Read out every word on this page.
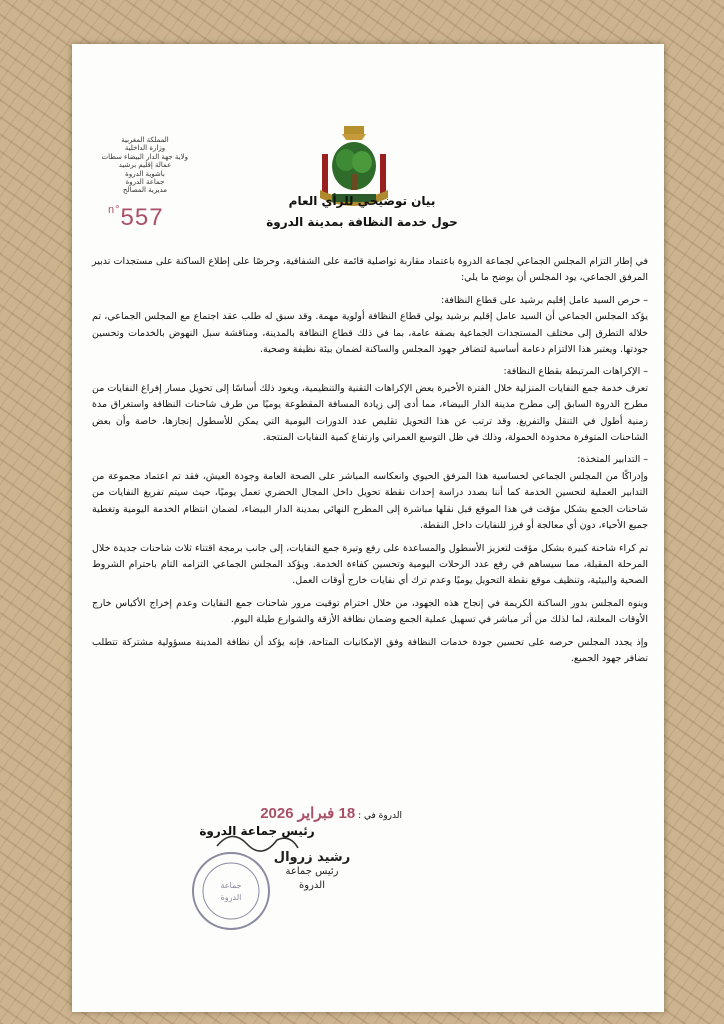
المملكة المغربية
وزارة الداخلية
ولاية جهة الدار البيضاء سطات
عمالة إقليم برشيد
باشوية الدروة
جماعة الدروة
مديرية المصالح
$^{n^\circ}$557
بيان توضيحي للرأي العام
حول خدمة النظافة بمدينة الدروة

في إطار التزام المجلس الجماعي لجماعة الدروة باعتماد مقاربة تواصلية قائمة على الشفافية، وحرصًا على إطلاع الساكنة على مستجدات تدبير المرفق الجماعي، يود المجلس أن يوضح ما يلي:

– حرص السيد عامل إقليم برشيد على قطاع النظافة:

يؤكد المجلس الجماعي أن السيد عامل إقليم برشيد يولي قطاع النظافة أولوية مهمة. وقد سبق له طلب عقد اجتماع مع المجلس الجماعي، تم خلاله التطرق إلى مختلف المستجدات الجماعية بصفة عامة، بما في ذلك قطاع النظافة بالمدينة، ومناقشة سبل النهوض بالخدمات وتحسين جودتها. ويعتبر هذا الالتزام دعامة أساسية لتضافر جهود المجلس والساكنة لضمان بيئة نظيفة وصحية.

– الإكراهات المرتبطة بقطاع النظافة:

تعرف خدمة جمع النفايات المنزلية خلال الفترة الأخيرة بعض الإكراهات التقنية والتنظيمية، ويعود ذلك أساسًا إلى تحويل مسار إفراغ النفايات من مطرح الدروة السابق إلى مطرح مدينة الدار البيضاء، مما أدى إلى زيادة المسافة المقطوعة يوميًا من طرف شاحنات النظافة واستغراق مدة زمنية أطول في التنقل والتفريغ. وقد ترتب عن هذا التحويل تقليص عدد الدورات اليومية التي يمكن للأسطول إنجازها، خاصة وأن بعض الشاحنات المتوفرة محدودة الحمولة، وذلك في ظل التوسع العمراني وارتفاع كمية النفايات المنتجة.

– التدابير المتخذة:

وإدراكًا من المجلس الجماعي لحساسية هذا المرفق الحيوي وانعكاسه المباشر على الصحة العامة وجودة العيش، فقد تم اعتماد مجموعة من التدابير العملية لتحسين الخدمة كما أننا بصدد دراسة إحداث نقطة تحويل داخل المجال الحضري تعمل يوميًا، حيث سيتم تفريغ النفايات من شاحنات الجمع بشكل مؤقت في هذا الموقع قبل نقلها مباشرة إلى المطرح النهائي بمدينة الدار البيضاء، لضمان انتظام الخدمة اليومية وتغطية جميع الأحياء، دون أي معالجة أو فرز للنفايات داخل النقطة.

تم كراء شاحنة كبيرة بشكل مؤقت لتعزيز الأسطول والمساعدة على رفع وتيرة جمع النفايات، إلى جانب برمجة اقتناء ثلاث شاحنات جديدة خلال المرحلة المقبلة، مما سيساهم في رفع عدد الرحلات اليومية وتحسين كفاءة الخدمة. ويؤكد المجلس الجماعي التزامه التام باحترام الشروط الصحية والبيئية، وتنظيف موقع نقطة التحويل يوميًا وعدم ترك أي نفايات خارج أوقات العمل.

وينوه المجلس بدور الساكنة الكريمة في إنجاح هذه الجهود، من خلال احترام توقيت مرور شاحنات جمع النفايات وعدم إخراج الأكياس خارج الأوقات المعلنة، لما لذلك من أثر مباشر في تسهيل عملية الجمع وضمان نظافة الأزقة والشوارع طيلة اليوم.

وإذ يجدد المجلس حرصه على تحسين جودة خدمات النظافة وفق الإمكانيات المتاحة، فإنه يؤكد أن نظافة المدينة مسؤولية مشتركة تتطلب تضافر جهود الجميع.

الدروة في : 18 فبراير 2026
رئيس جماعة الدروة
جماعة
الدروة
رشيد زروال
رئيس جماعة
الدروة
